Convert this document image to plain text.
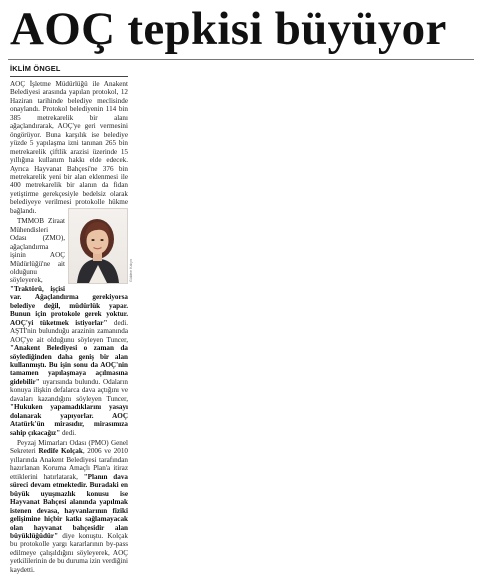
AOÇ tepkisi büyüyor
İKLİM ÖNGEL

AOÇ İşletme Müdürlüğü ile Anakent Belediyesi arasında yapılan protokol, 12 Haziran tarihinde belediye meclisinde onaylandı. Protokol belediyenin 114 bin 385 metrekarelik bir alanı ağaçlandırarak, AOÇ'ye geri vermesini öngörüyor. Buna karşılık ise belediye yüzde 5 yapılaşma izni tanınan 265 bin metrekarelik çiftlik arazisi üzerinde 15 yıllığına kullanım hakkı elde edecek. Ayrıca Hayvanat Bahçesi'ne 376 bin metrekarelik yeni bir alan eklenmesi ile 400 metrekarelik bir alanın da fidan yetiştirme gerekçesiyle bedelsiz olarak belediyeye verilmesi protokolle hükme bağlandı.
Güldem Kalçın

TMMOB Ziraat Mühendisleri Odası (ZMO), ağaçlandırma işinin AOÇ Müdürlüğü'ne ait olduğunu söyleyerek, "Traktörü, işçisi var. Ağaçlandırma gerekiyorsa belediye değil, müdürlük yapar. Bunun için protokole gerek yoktur. AOÇ'yi tüketmek istiyorlar" dedi. AŞTİ'nin bulunduğu arazinin zamanında AOÇ'ye ait olduğunu söyleyen Tuncer, "Anakent Belediyesi o zaman da söylediğinden daha geniş bir alan kullanmıştı. Bu işin sonu da AOÇ'nin tamamen yapılaşmaya açılmasına gidebilir" uyarısında bulundu. Odaların konuya ilişkin defalarca dava açtığını ve davaları kazandığını söyleyen Tuncer, "Hukuken yapamadıklarını yasayı dolanarak yapıyorlar. AOÇ Atatürk'ün mirasıdır, mirasımıza sahip çıkacağız" dedi.

Peyzaj Mimarları Odası (PMO) Genel Sekreteri Redife Kolçak, 2006 ve 2010 yıllarında Anakent Belediyesi tarafından hazırlanan Koruma Amaçlı Plan'a itiraz ettiklerini hatırlatarak, "Planın dava süreci devam etmektedir. Buradaki en büyük uyuşmazlık konusu ise Hayvanat Bahçesi alanında yapılmak istenen devasa, hayvanlarının fiziki gelişimine hiçbir katkı sağlamayacak olan hayvanat bahçesidir alan büyüklüğüdür" diye konuştu. Kolçak bu protokolle yargı kararlarının by-pass edilmeye çalışıldığını söyleyerek, AOÇ yetkililerinin de bu duruma izin verdiğini kaydetti.
